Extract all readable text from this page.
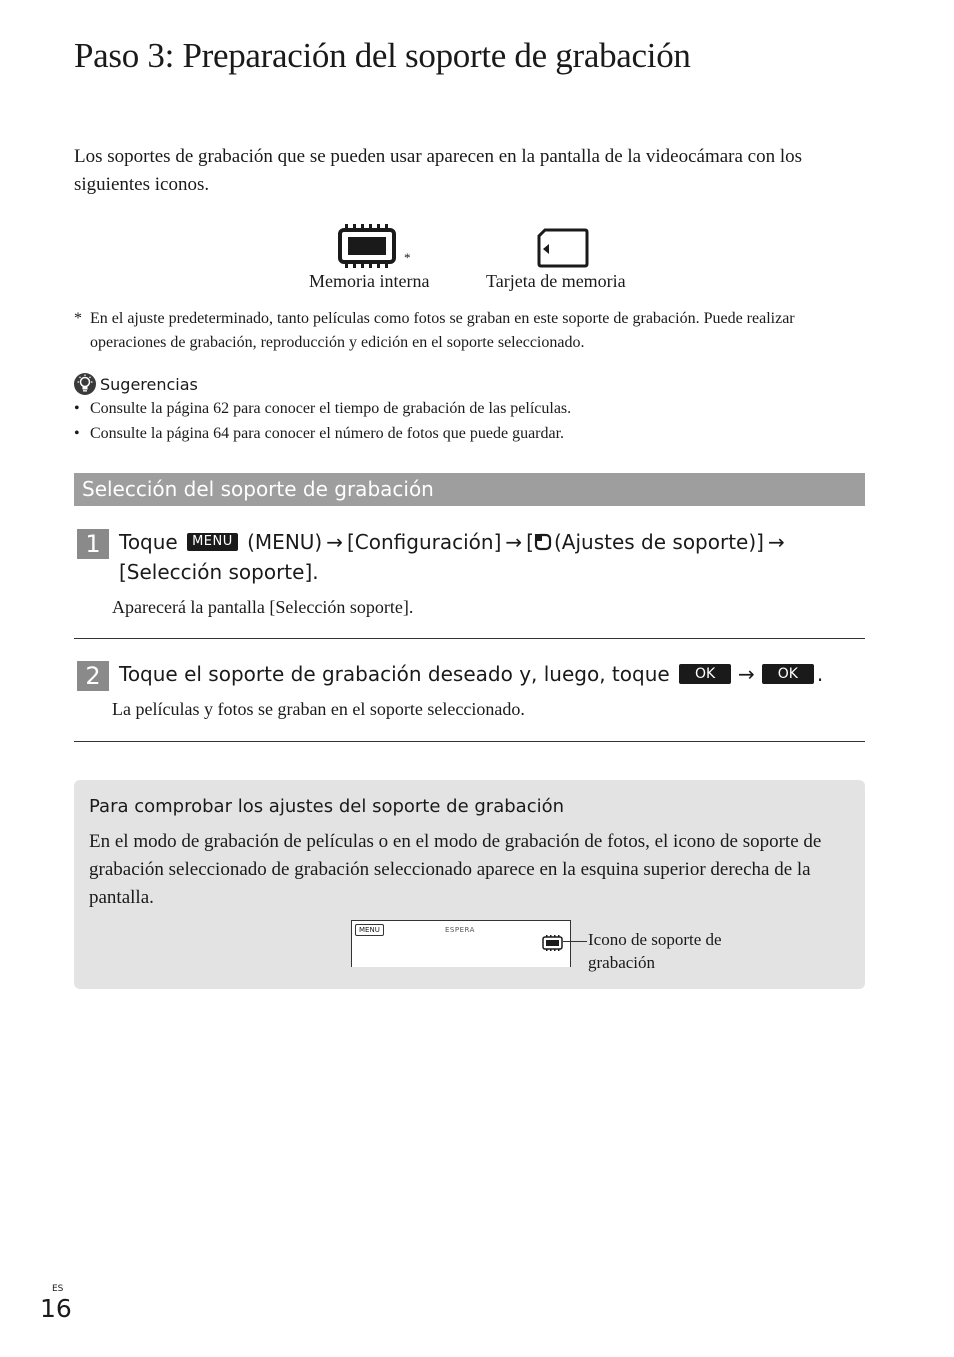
Paso 3: Preparación del soporte de grabación
Los soportes de grabación que se pueden usar aparecen en la pantalla de la videocámara con los siguientes iconos.
*
Memoria interna	Tarjeta de memoria
* En el ajuste predeterminado, tanto películas como fotos se graban en este soporte de grabación. Puede realizar operaciones de grabación, reproducción y edición en el soporte seleccionado.
Sugerencias
• Consulte la página 62 para conocer el tiempo de grabación de las películas.
• Consulte la página 64 para conocer el número de fotos que puede guardar.
Selección del soporte de grabación
1 Toque MENU (MENU) → [Configuración] → [ (Ajustes de soporte)] →
[Selección soporte].
Aparecerá la pantalla [Selección soporte].
2 Toque el soporte de grabación deseado y, luego, toque OK → OK .
La películas y fotos se graban en el soporte seleccionado.
Para comprobar los ajustes del soporte de grabación
En el modo de grabación de películas o en el modo de grabación de fotos, el icono de soporte de grabación seleccionado de grabación seleccionado aparece en la esquina superior derecha de la pantalla.
MENU	ESPERA	Icono de soporte de grabación
ES
16
